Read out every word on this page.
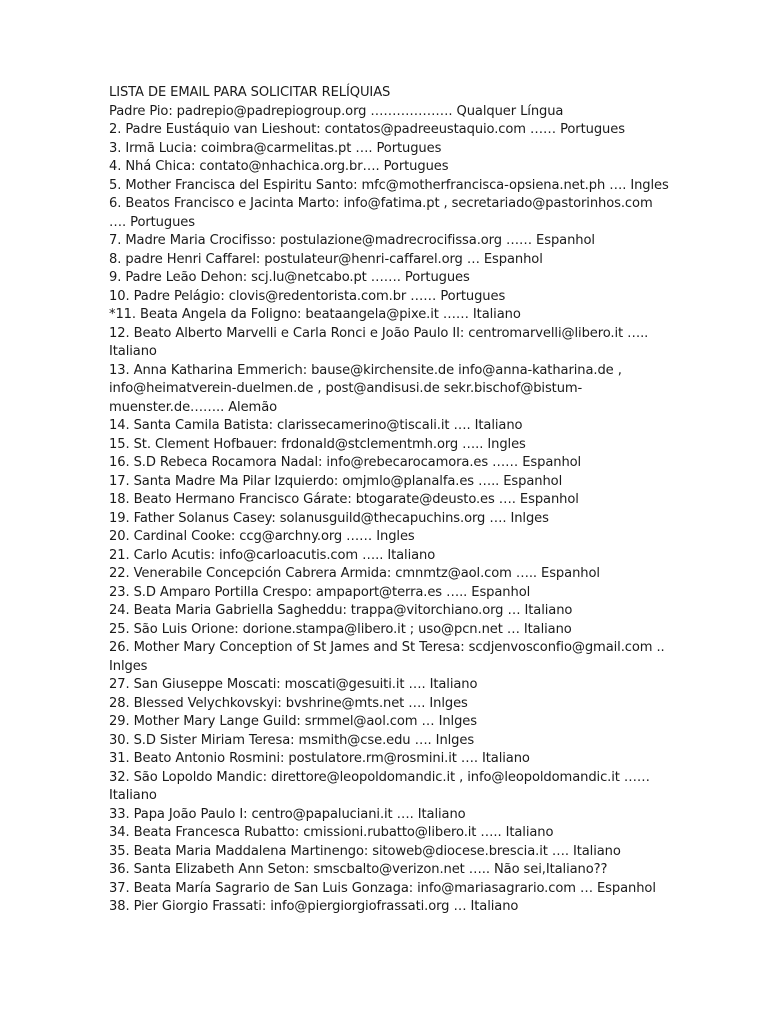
LISTA DE EMAIL PARA SOLICITAR RELÍQUIAS
Padre Pio: padrepio@padrepiogroup.org ………………. Qualquer Língua
2. Padre Eustáquio van Lieshout: contatos@padreeustaquio.com …… Portugues
3. Irmã Lucia: coimbra@carmelitas.pt …. Portugues
4. Nhá Chica: contato@nhachica.org.br…. Portugues
5. Mother Francisca del Espiritu Santo: mfc@motherfrancisca-opsiena.net.ph …. Ingles
6. Beatos Francisco e Jacinta Marto: info@fatima.pt , secretariado@pastorinhos.com
…. Portugues
7. Madre Maria Crocifisso: postulazione@madrecrocifissa.org …… Espanhol
8. padre Henri Caffarel: postulateur@henri-caffarel.org … Espanhol
9. Padre Leão Dehon: scj.lu@netcabo.pt ……. Portugues
10. Padre Pelágio: clovis@redentorista.com.br …… Portugues
*11. Beata Angela da Foligno: beataangela@pixe.it …… Italiano
12. Beato Alberto Marvelli e Carla Ronci e João Paulo II: centromarvelli@libero.it …..
Italiano
13. Anna Katharina Emmerich: bause@kirchensite.de info@anna-katharina.de ,
info@heimatverein-duelmen.de , post@andisusi.de sekr.bischof@bistum-
muenster.de…….. Alemão
14. Santa Camila Batista: clarissecamerino@tiscali.it …. Italiano
15. St. Clement Hofbauer: frdonald@stclementmh.org ….. Ingles
16. S.D Rebeca Rocamora Nadal: info@rebecarocamora.es …… Espanhol
17. Santa Madre Ma Pilar Izquierdo: omjmlo@planalfa.es ….. Espanhol
18. Beato Hermano Francisco Gárate: btogarate@deusto.es …. Espanhol
19. Father Solanus Casey: solanusguild@thecapuchins.org …. Inlges
20. Cardinal Cooke: ccg@archny.org …… Ingles
21. Carlo Acutis: info@carloacutis.com ….. Italiano
22. Venerabile Concepción Cabrera Armida: cmnmtz@aol.com ….. Espanhol
23. S.D Amparo Portilla Crespo: ampaport@terra.es ….. Espanhol
24. Beata Maria Gabriella Sagheddu: trappa@vitorchiano.org … Italiano
25. São Luis Orione: dorione.stampa@libero.it ; uso@pcn.net … Italiano
26. Mother Mary Conception of St James and St Teresa: scdjenvosconfio@gmail.com ..
Inlges
27. San Giuseppe Moscati: moscati@gesuiti.it …. Italiano
28. Blessed Velychkovskyi: bvshrine@mts.net …. Inlges
29. Mother Mary Lange Guild: srmmel@aol.com … Inlges
30. S.D Sister Miriam Teresa: msmith@cse.edu …. Inlges
31. Beato Antonio Rosmini: postulatore.rm@rosmini.it …. Italiano
32. São Lopoldo Mandic: direttore@leopoldomandic.it , info@leopoldomandic.it ……
Italiano
33. Papa João Paulo I: centro@papaluciani.it …. Italiano
34. Beata Francesca Rubatto: cmissioni.rubatto@libero.it ….. Italiano
35. Beata Maria Maddalena Martinengo: sitoweb@diocese.brescia.it …. Italiano
36. Santa Elizabeth Ann Seton: smscbalto@verizon.net ….. Não sei,Italiano??
37. Beata María Sagrario de San Luis Gonzaga: info@mariasagrario.com … Espanhol
38. Pier Giorgio Frassati: info@piergiorgiofrassati.org … Italiano
